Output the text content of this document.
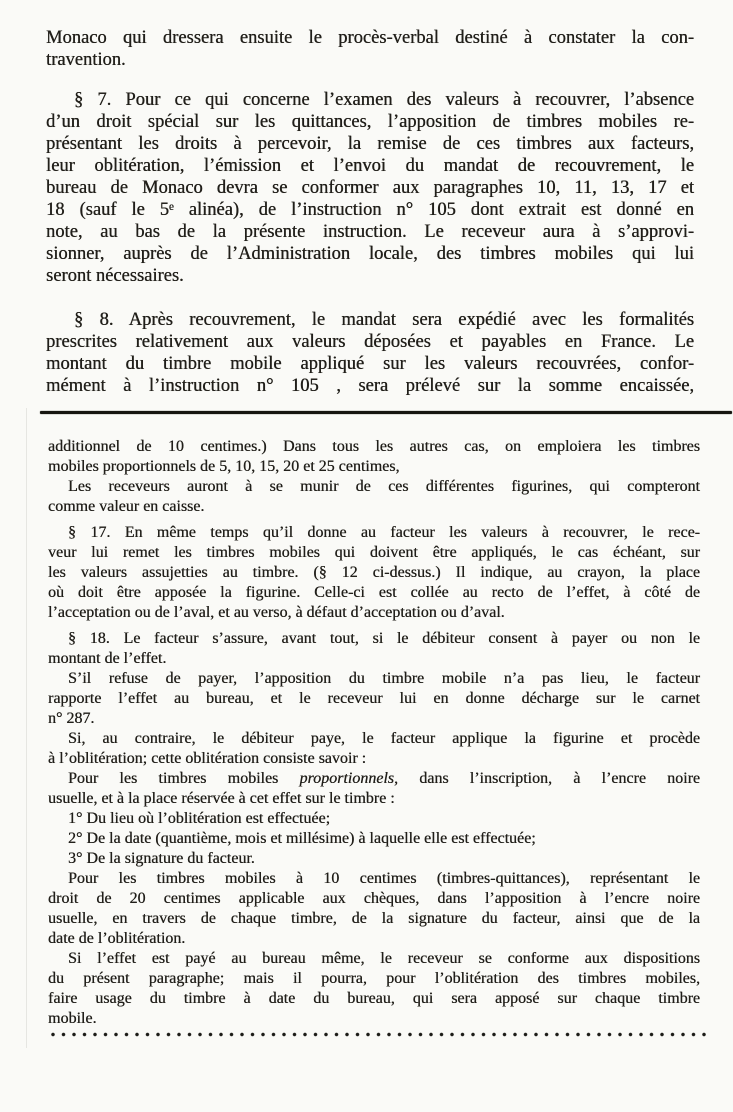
Monaco qui dressera ensuite le procès-verbal destiné à constater la con-
travention.
§ 7. Pour ce qui concerne l’examen des valeurs à recouvrer, l’absence
d’un droit spécial sur les quittances, l’apposition de timbres mobiles re-
présentant les droits à percevoir, la remise de ces timbres aux facteurs,
leur oblitération, l’émission et l’envoi du mandat de recouvrement, le
bureau de Monaco devra se conformer aux paragraphes 10, 11, 13, 17 et
18 (sauf le 5ᵉ alinéa), de l’instruction n° 105 dont extrait est donné en
note, au bas de la présente instruction. Le receveur aura à s’approvi-
sionner, auprès de l’Administration locale, des timbres mobiles qui lui
seront nécessaires.
§ 8. Après recouvrement, le mandat sera expédié avec les formalités
prescrites relativement aux valeurs déposées et payables en France. Le
montant du timbre mobile appliqué sur les valeurs recouvrées, confor-
mément à l’instruction n° 105 , sera prélevé sur la somme encaissée,
additionnel de 10 centimes.) Dans tous les autres cas, on emploiera les timbres
mobiles proportionnels de 5, 10, 15, 20 et 25 centimes,
Les receveurs auront à se munir de ces différentes figurines, qui compteront
comme valeur en caisse.
§ 17. En même temps qu’il donne au facteur les valeurs à recouvrer, le rece-
veur lui remet les timbres mobiles qui doivent être appliqués, le cas échéant, sur
les valeurs assujetties au timbre. (§ 12 ci-dessus.) Il indique, au crayon, la place
où doit être apposée la figurine. Celle-ci est collée au recto de l’effet, à côté de
l’acceptation ou de l’aval, et au verso, à défaut d’acceptation ou d’aval.
§ 18. Le facteur s’assure, avant tout, si le débiteur consent à payer ou non le
montant de l’effet.
S’il refuse de payer, l’apposition du timbre mobile n’a pas lieu, le facteur
rapporte l’effet au bureau, et le receveur lui en donne décharge sur le carnet
n° 287.
Si, au contraire, le débiteur paye, le facteur applique la figurine et procède
à l’oblitération; cette oblitération consiste savoir :
Pour les timbres mobiles proportionnels, dans l’inscription, à l’encre noire
usuelle, et à la place réservée à cet effet sur le timbre :
1° Du lieu où l’oblitération est effectuée;
2° De la date (quantième, mois et millésime) à laquelle elle est effectuée;
3° De la signature du facteur.
Pour les timbres mobiles à 10 centimes (timbres-quittances), représentant le
droit de 20 centimes applicable aux chèques, dans l’apposition à l’encre noire
usuelle, en travers de chaque timbre, de la signature du facteur, ainsi que de la
date de l’oblitération.
Si l’effet est payé au bureau même, le receveur se conforme aux dispositions
du présent paragraphe; mais il pourra, pour l’oblitération des timbres mobiles,
faire usage du timbre à date du bureau, qui sera apposé sur chaque timbre
mobile.
